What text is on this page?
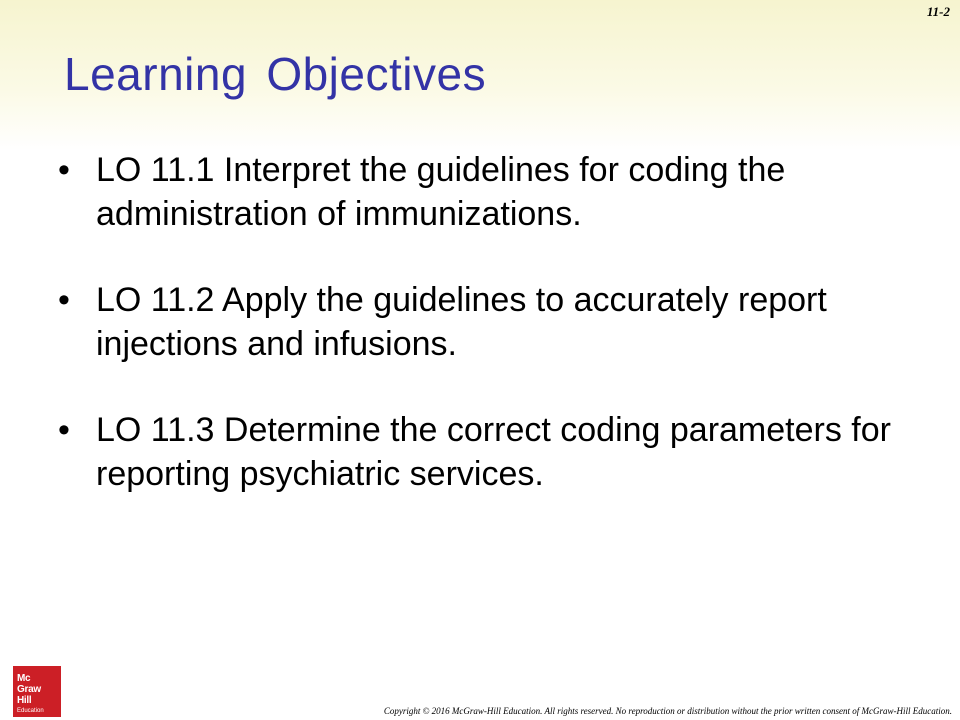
11-2
Learning Objectives
• LO 11.1 Interpret the guidelines for coding the administration of immunizations.
• LO 11.2 Apply the guidelines to accurately report injections and infusions.
• LO 11.3 Determine the correct coding parameters for reporting psychiatric services.
Mc
Graw
Hill
Education	Copyright © 2016 McGraw-Hill Education. All rights reserved. No reproduction or distribution without the prior written consent of McGraw-Hill Education.
